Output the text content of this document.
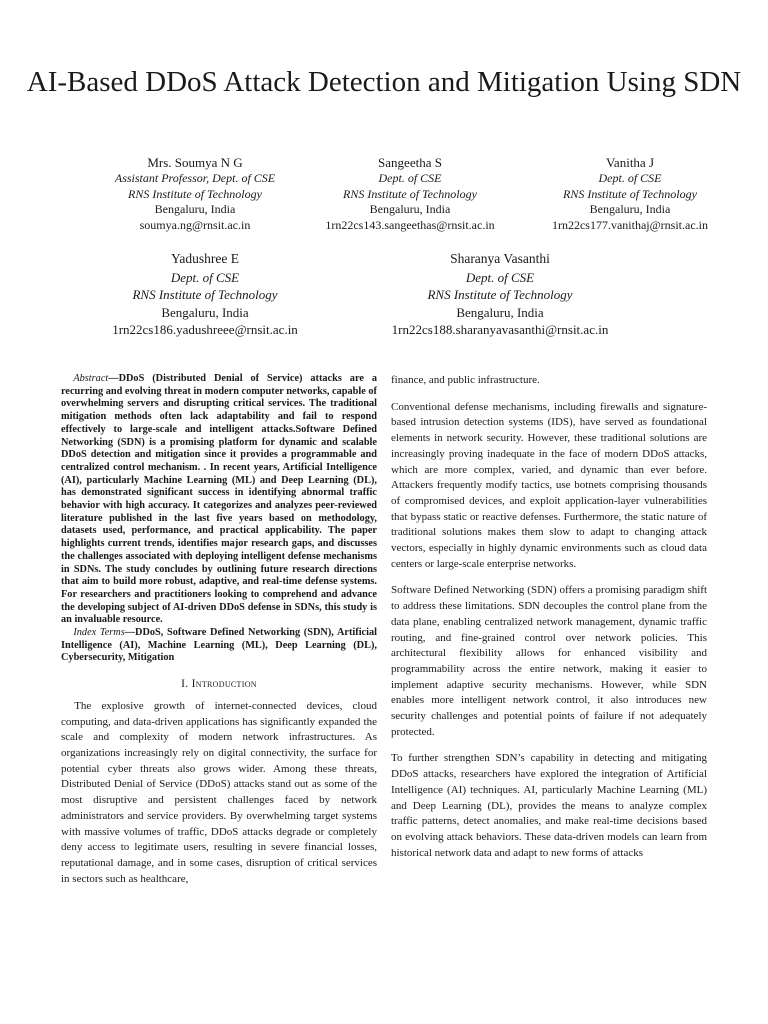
AI-Based DDoS Attack Detection and Mitigation Using SDN
Mrs. Soumya N G
Assistant Professor, Dept. of CSE
RNS Institute of Technology
Bengaluru, India
soumya.ng@rnsit.ac.in
Sangeetha S
Dept. of CSE
RNS Institute of Technology
Bengaluru, India
1rn22cs143.sangeethas@rnsit.ac.in
Vanitha J
Dept. of CSE
RNS Institute of Technology
Bengaluru, India
1rn22cs177.vanithaj@rnsit.ac.in
Yadushree E
Dept. of CSE
RNS Institute of Technology
Bengaluru, India
1rn22cs186.yadushreee@rnsit.ac.in
Sharanya Vasanthi
Dept. of CSE
RNS Institute of Technology
Bengaluru, India
1rn22cs188.sharanyavasanthi@rnsit.ac.in

Abstract—DDoS (Distributed Denial of Service) attacks are a recurring and evolving threat in modern computer networks, capable of overwhelming servers and disrupting critical services. The traditional mitigation methods often lack adaptability and fail to respond effectively to large-scale and intelligent attacks.Software Defined Networking (SDN) is a promising platform for dynamic and scalable DDoS detection and mitigation since it provides a programmable and centralized control mechanism. . In recent years, Artificial Intelligence (AI), particularly Machine Learning (ML) and Deep Learning (DL), has demonstrated significant success in identifying abnormal traffic behavior with high accuracy. It categorizes and analyzes peer-reviewed literature published in the last five years based on methodology, datasets used, performance, and practical applicability. The paper highlights current trends, identifies major research gaps, and discusses the challenges associated with deploying intelligent defense mechanisms in SDNs. The study concludes by outlining future research directions that aim to build more robust, adaptive, and real-time defense systems. For researchers and practitioners looking to comprehend and advance the developing subject of AI-driven DDoS defense in SDNs, this study is an invaluable resource.

Index Terms—DDoS, Software Defined Networking (SDN), Artificial Intelligence (AI), Machine Learning (ML), Deep Learning (DL), Cybersecurity, Mitigation

I. Introduction

The explosive growth of internet-connected devices, cloud computing, and data-driven applications has significantly expanded the scale and complexity of modern network infrastructures. As organizations increasingly rely on digital connectivity, the surface for potential cyber threats also grows wider. Among these threats, Distributed Denial of Service (DDoS) attacks stand out as some of the most disruptive and persistent challenges faced by network administrators and service providers. By overwhelming target systems with massive volumes of traffic, DDoS attacks degrade or completely deny access to legitimate users, resulting in severe financial losses, reputational damage, and in some cases, disruption of critical services in sectors such as healthcare,

finance, and public infrastructure.

Conventional defense mechanisms, including firewalls and signature-based intrusion detection systems (IDS), have served as foundational elements in network security. However, these traditional solutions are increasingly proving inadequate in the face of modern DDoS attacks, which are more complex, varied, and dynamic than ever before. Attackers frequently modify tactics, use botnets comprising thousands of compromised devices, and exploit application-layer vulnerabilities that bypass static or reactive defenses. Furthermore, the static nature of traditional solutions makes them slow to adapt to changing attack vectors, especially in highly dynamic environments such as cloud data centers or large-scale enterprise networks.

Software Defined Networking (SDN) offers a promising paradigm shift to address these limitations. SDN decouples the control plane from the data plane, enabling centralized network management, dynamic traffic routing, and fine-grained control over network policies. This architectural flexibility allows for enhanced visibility and programmability across the entire network, making it easier to implement adaptive security mechanisms. However, while SDN enables more intelligent network control, it also introduces new security challenges and potential points of failure if not adequately protected.

To further strengthen SDN’s capability in detecting and mitigating DDoS attacks, researchers have explored the integration of Artificial Intelligence (AI) techniques. AI, particularly Machine Learning (ML) and Deep Learning (DL), provides the means to analyze complex traffic patterns, detect anomalies, and make real-time decisions based on evolving attack behaviors. These data-driven models can learn from historical network data and adapt to new forms of attacks
